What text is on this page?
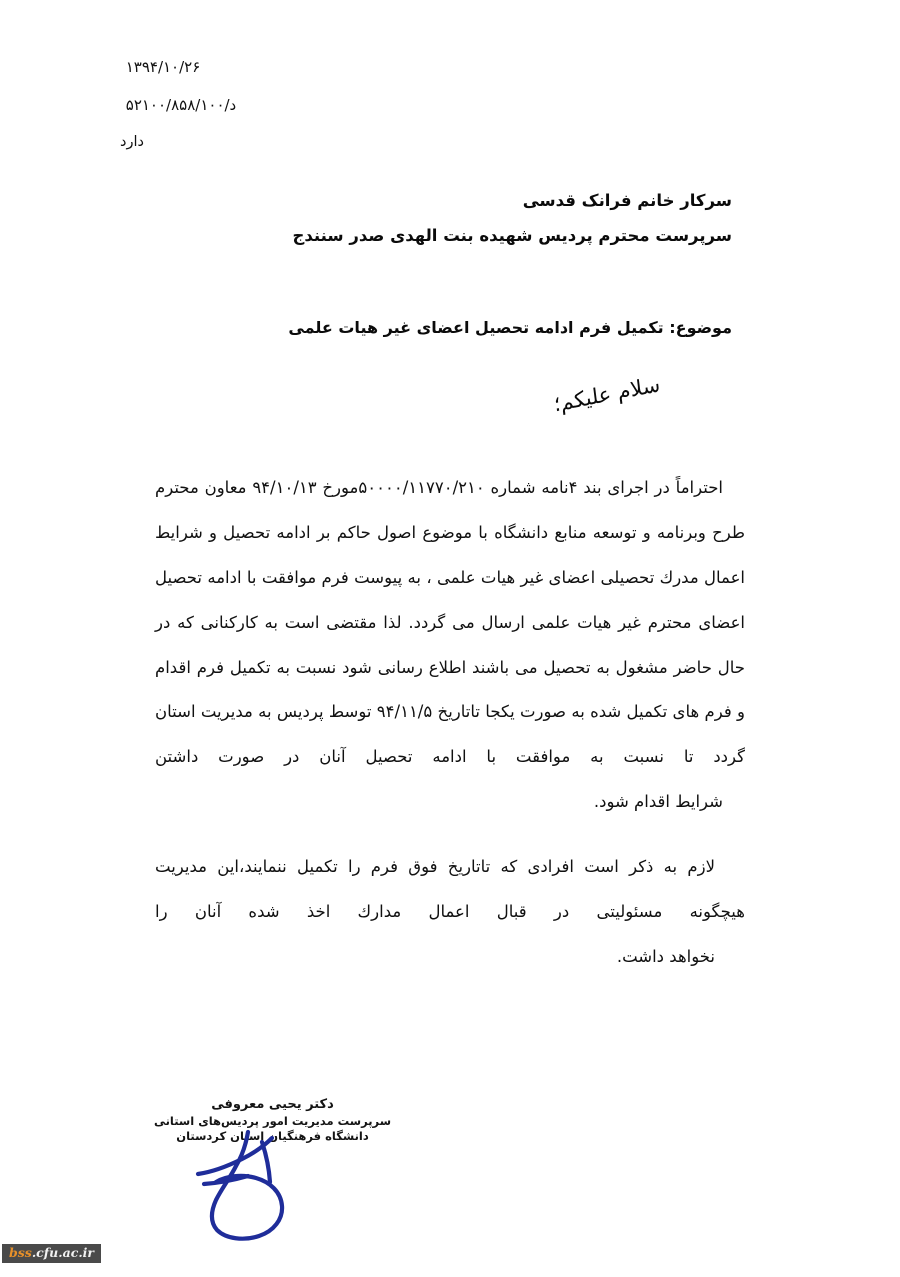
۱۳۹۴/۱۰/۲۶
د/۵۲۱۰۰/۸۵۸/۱۰۰
دارد
سرکار خانم فرانک قدسی
سرپرست محترم پردیس شهیده بنت الهدی صدر سنندج
موضوع: تکمیل فرم ادامه تحصیل اعضای غیر هیات علمی
سلام علیکم؛

احتراماً در اجرای بند ۴نامه شماره ۵۰۰۰۰/۱۱۷۷۰/۲۱۰مورخ ۹۴/۱۰/۱۳ معاون محترم طرح وبرنامه و توسعه منابع دانشگاه با موضوع اصول حاکم بر ادامه تحصیل و شرایط اعمال مدرك تحصیلی اعضای غیر هیات علمی ، به پیوست فرم موافقت با ادامه تحصیل اعضای محترم غیر هیات علمی ارسال می گردد. لذا مقتضی است به کارکنانی که در حال حاضر مشغول به تحصیل می باشند اطلاع رسانی شود نسبت به تکمیل فرم اقدام و فرم های تکمیل شده به صورت یکجا تاتاریخ ۹۴/۱۱/۵ توسط پردیس به مدیریت استان گردد تا نسبت به موافقت با ادامه تحصیل آنان در صورت داشتن
شرایط اقدام شود.

لازم به ذکر است افرادی که تاتاریخ فوق فرم را تکمیل ننمایند،این مدیریت هیچگونه مسئولیتی در قبال اعمال مدارك اخذ شده آنان را
نخواهد داشت.

دکتر یحیی معروفی
سرپرست مدیریت امور پردیس‌های استانی
دانشگاه فرهنگیان استان کردستان
bss.cfu.ac.ir
